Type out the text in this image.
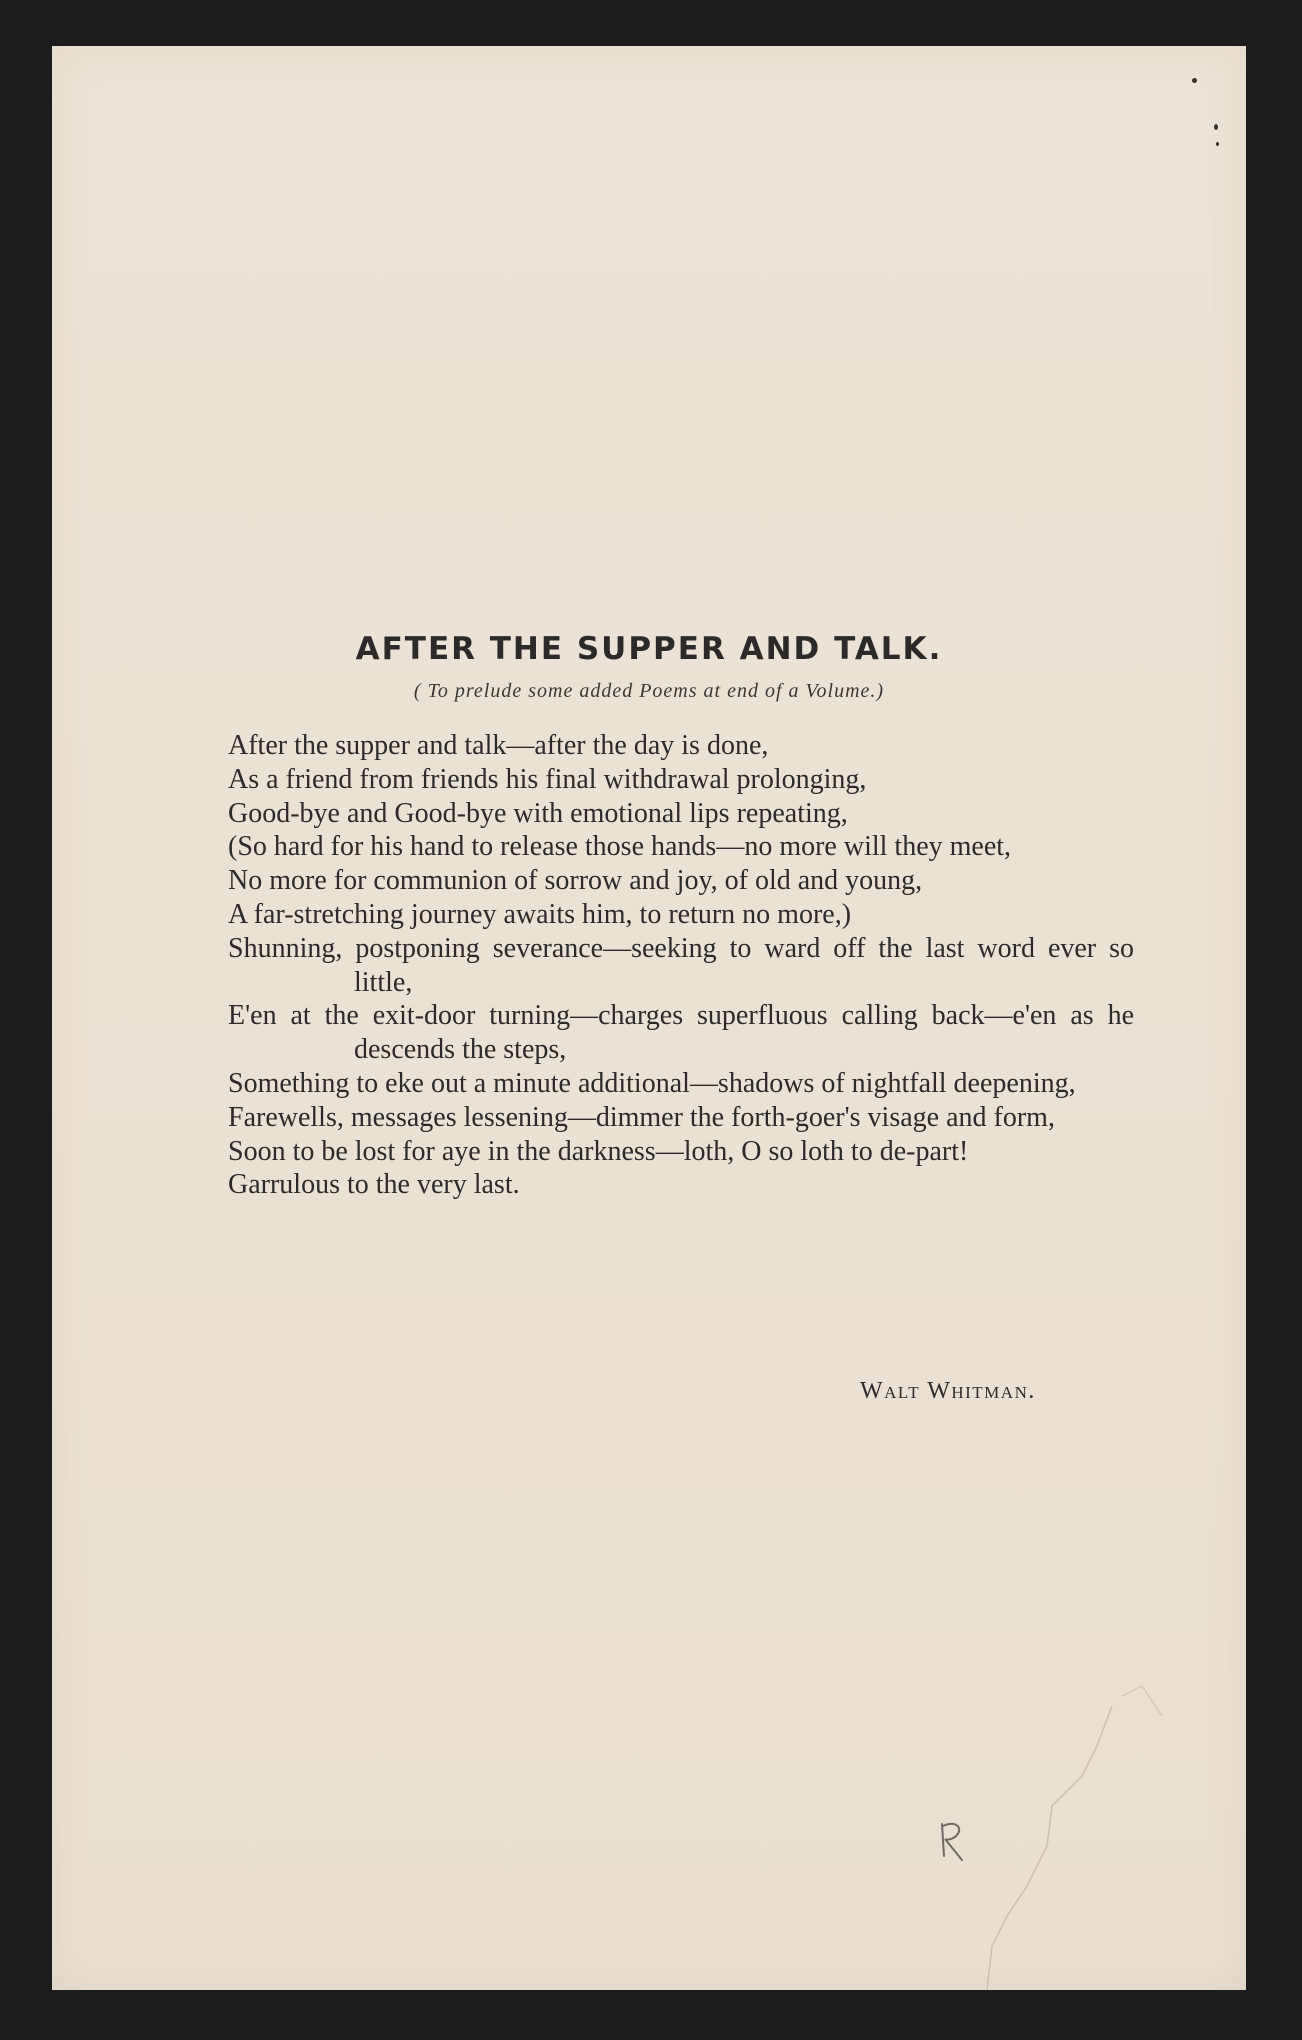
AFTER THE SUPPER AND TALK.
( To prelude some added Poems at end of a Volume.)
After the supper and talk—after the day is done,
As a friend from friends his final withdrawal prolonging,
Good-bye and Good-bye with emotional lips repeating,
(So hard for his hand to release those hands—no more will they meet,
No more for communion of sorrow and joy, of old and young,
A far-stretching journey awaits him, to return no more,)
Shunning, postponing severance—seeking to ward off the last word ever so little,
E'en at the exit-door turning—charges superfluous calling back—e'en as he descends the steps,
Something to eke out a minute additional—shadows of nightfall deepening,
Farewells, messages lessening—dimmer the forth-goer's visage and form,
Soon to be lost for aye in the darkness—loth, O so loth to de-part!
Garrulous to the very last.
Walt Whitman.
